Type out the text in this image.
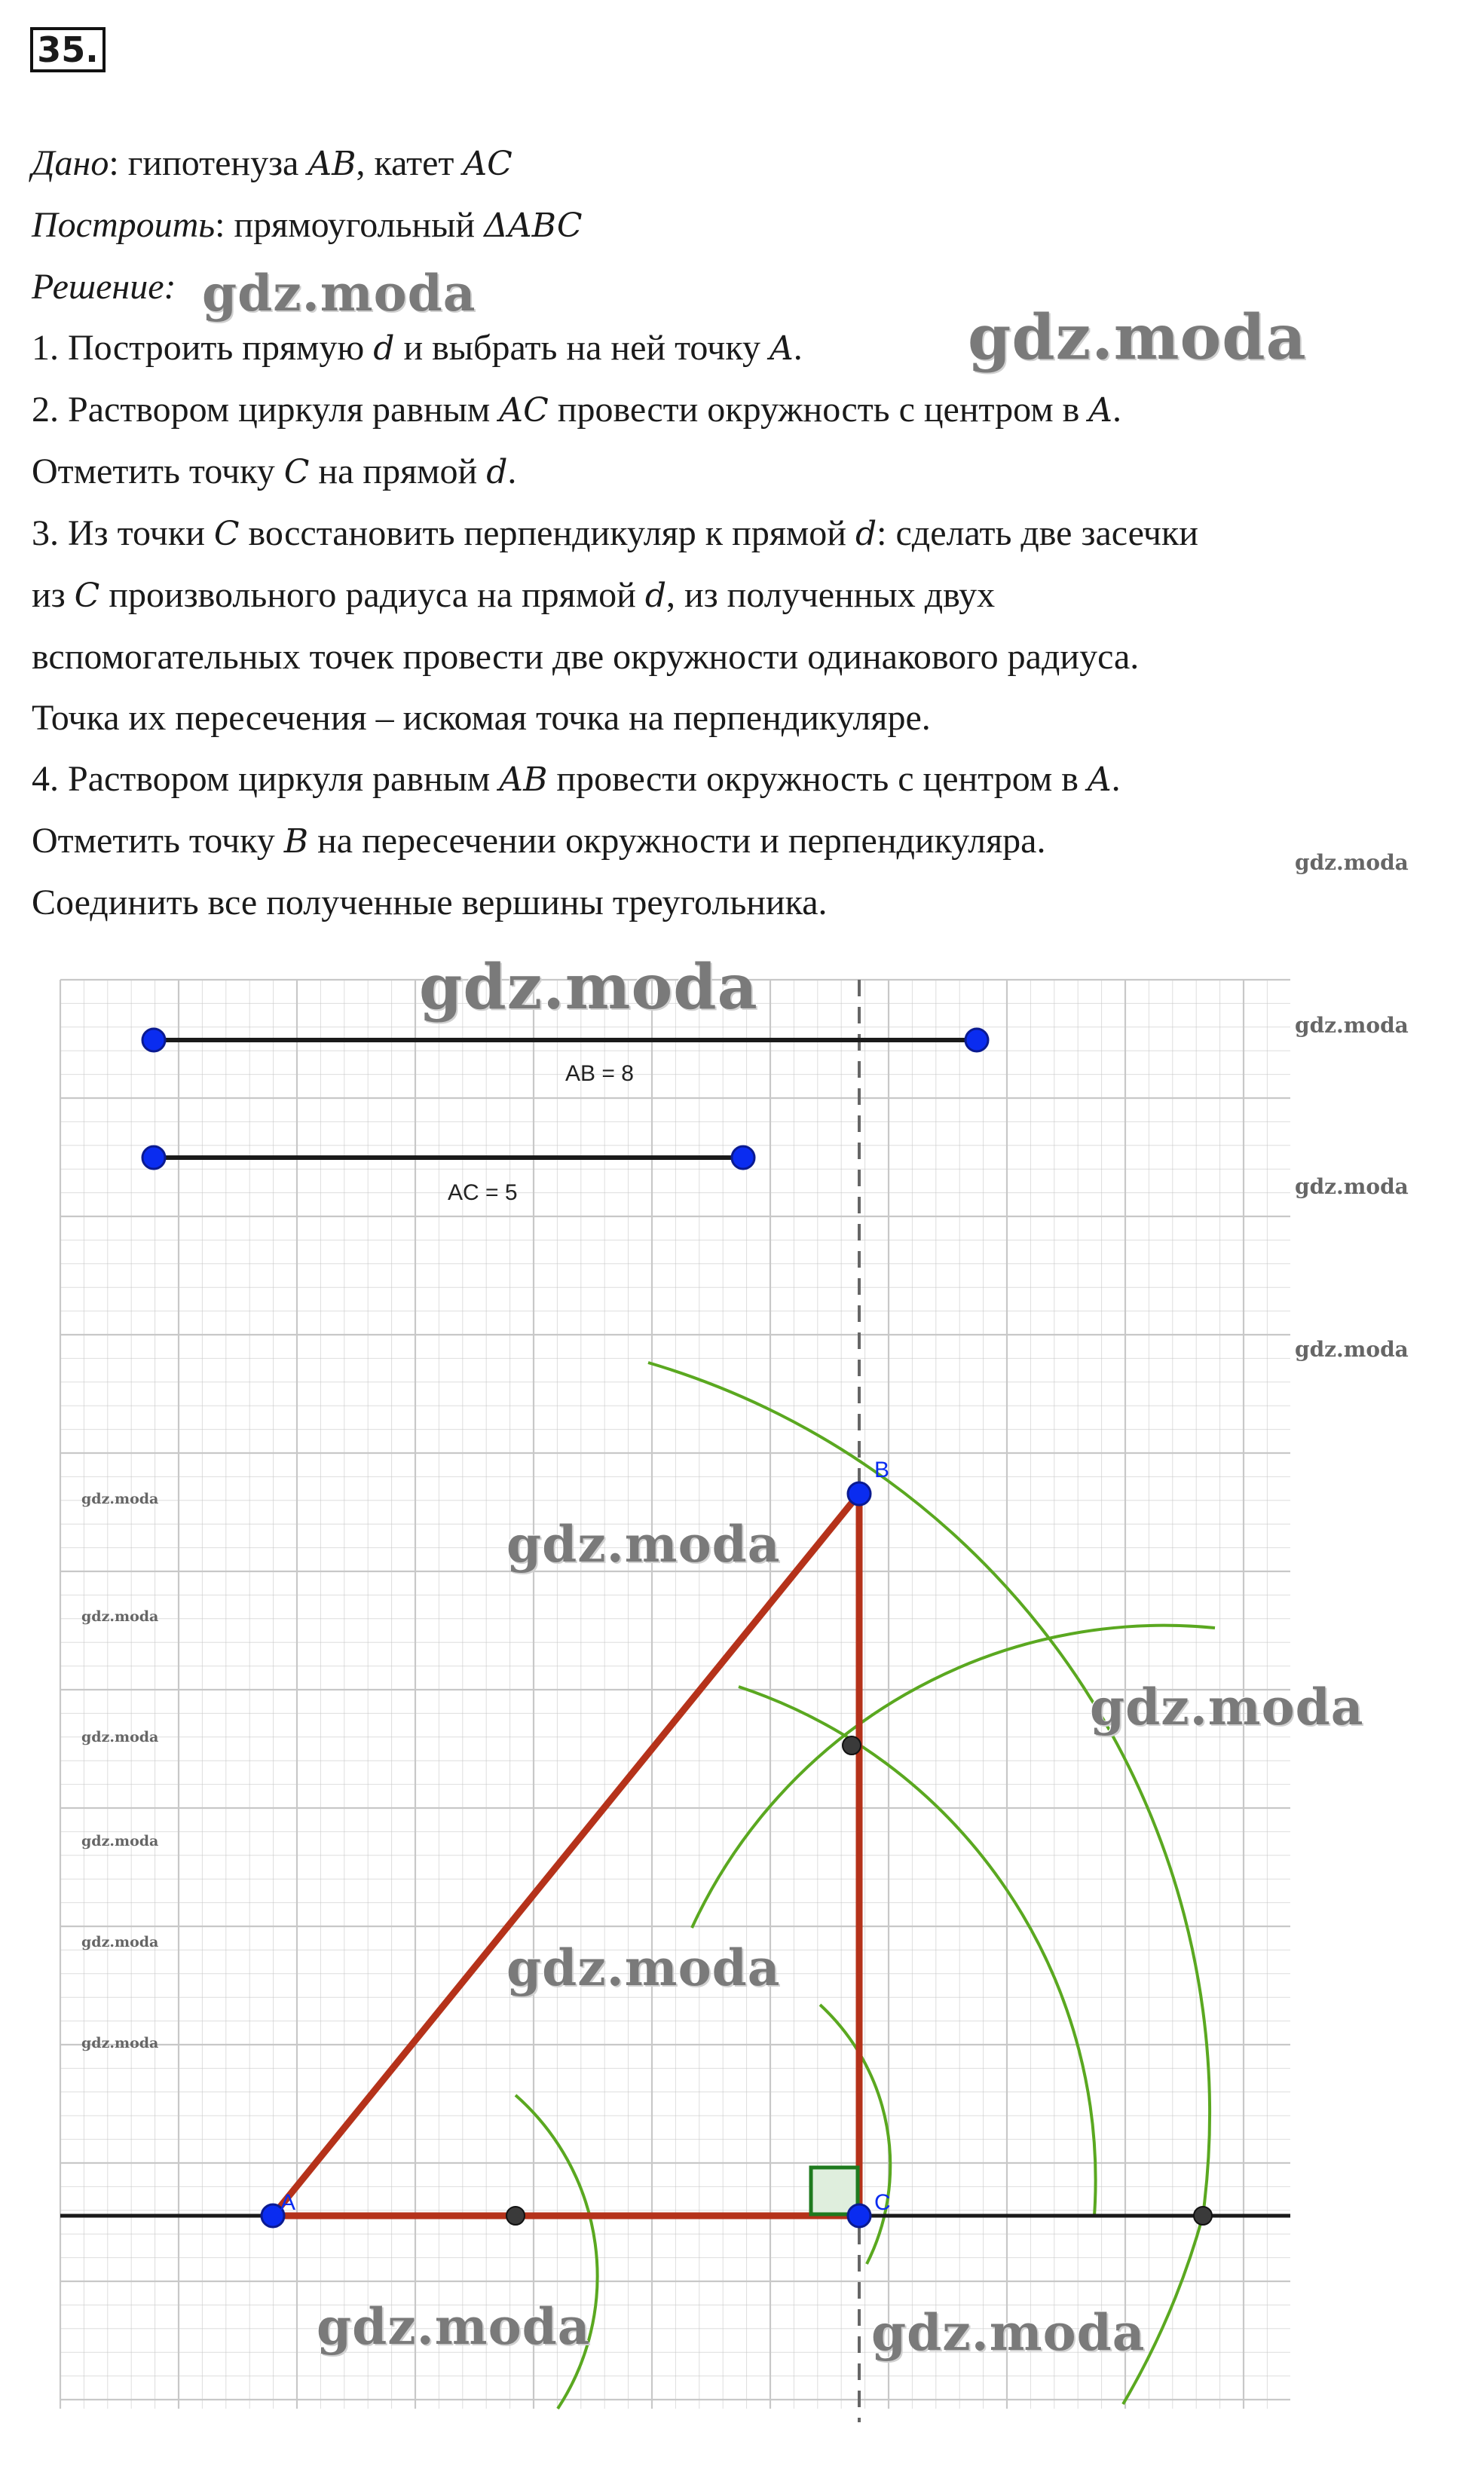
35.
Дано: гипотенуза AB, катет AC
Построить: прямоугольный ΔABC
Решение:
1. Построить прямую d и выбрать на ней точку A.
2. Раствором циркуля равным AC провести окружность с центром в A.
Отметить точку C на прямой d.
3. Из точки C восстановить перпендикуляр к прямой d: сделать две засечки
из C произвольного радиуса на прямой d, из полученных двух
вспомогательных точек провести две окружности одинакового радиуса.
Точка их пересечения – искомая точка на перпендикуляре.
4. Раствором циркуля равным AB провести окружность с центром в A.
Отметить точку B на пересечении окружности и перпендикуляра.
Соединить все полученные вершины треугольника.
AB = 8
AC = 5
A
B
C
gdz.moda
gdz.moda
gdz.moda
gdz.moda
gdz.moda
gdz.moda
gdz.moda
gdz.moda
gdz.moda
gdz.moda
gdz.moda
gdz.moda
gdz.moda
gdz.moda	gdz.moda
gdz.moda
gdz.moda	gdz.moda
